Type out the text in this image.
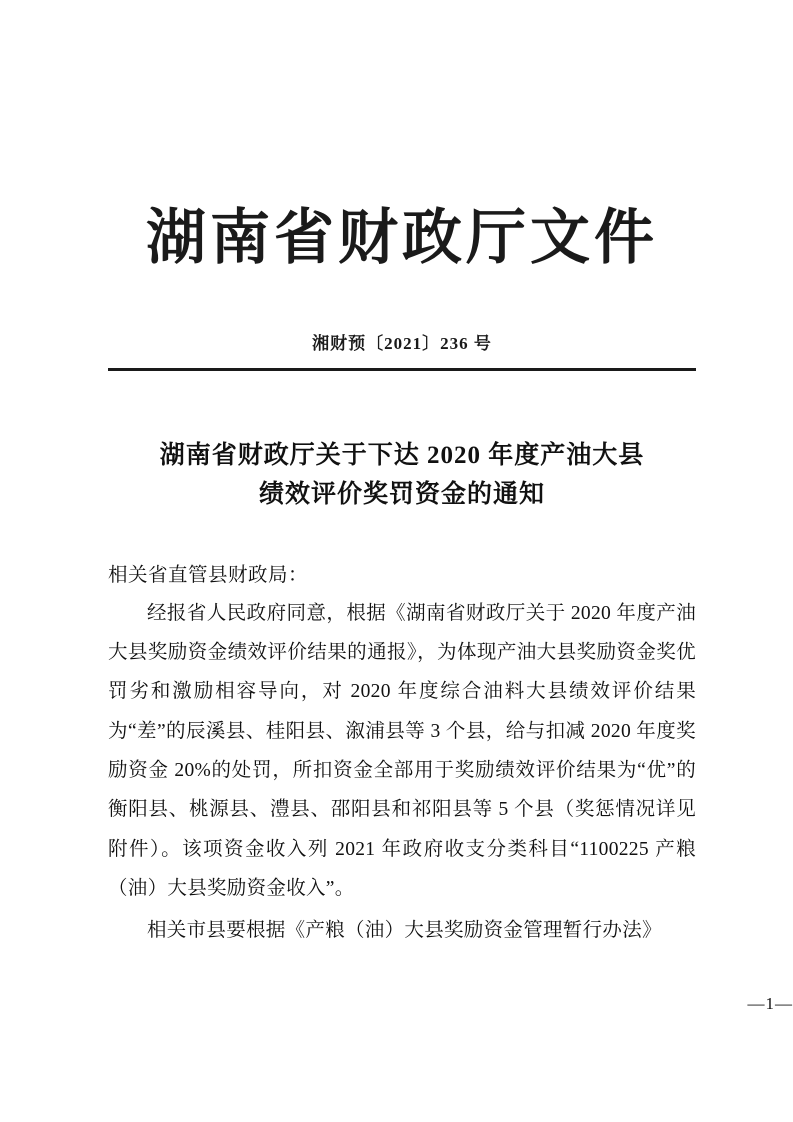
湖南省财政厅文件
湘财预〔2021〕236 号
湖南省财政厅关于下达 2020 年度产油大县
绩效评价奖罚资金的通知
相关省直管县财政局：

经报省人民政府同意，根据《湖南省财政厅关于 2020 年度产油大县奖励资金绩效评价结果的通报》，为体现产油大县奖励资金奖优罚劣和激励相容导向，对 2020 年度综合油料大县绩效评价结果为“差”的辰溪县、桂阳县、溆浦县等 3 个县，给与扣减 2020 年度奖励资金 20%的处罚，所扣资金全部用于奖励绩效评价结果为“优”的衡阳县、桃源县、澧县、邵阳县和祁阳县等 5 个县（奖惩情况详见附件）。该项资金收入列 2021 年政府收支分类科目“1100225 产粮（油）大县奖励资金收入”。

相关市县要根据《产粮（油）大县奖励资金管理暂行办法》

—1—
